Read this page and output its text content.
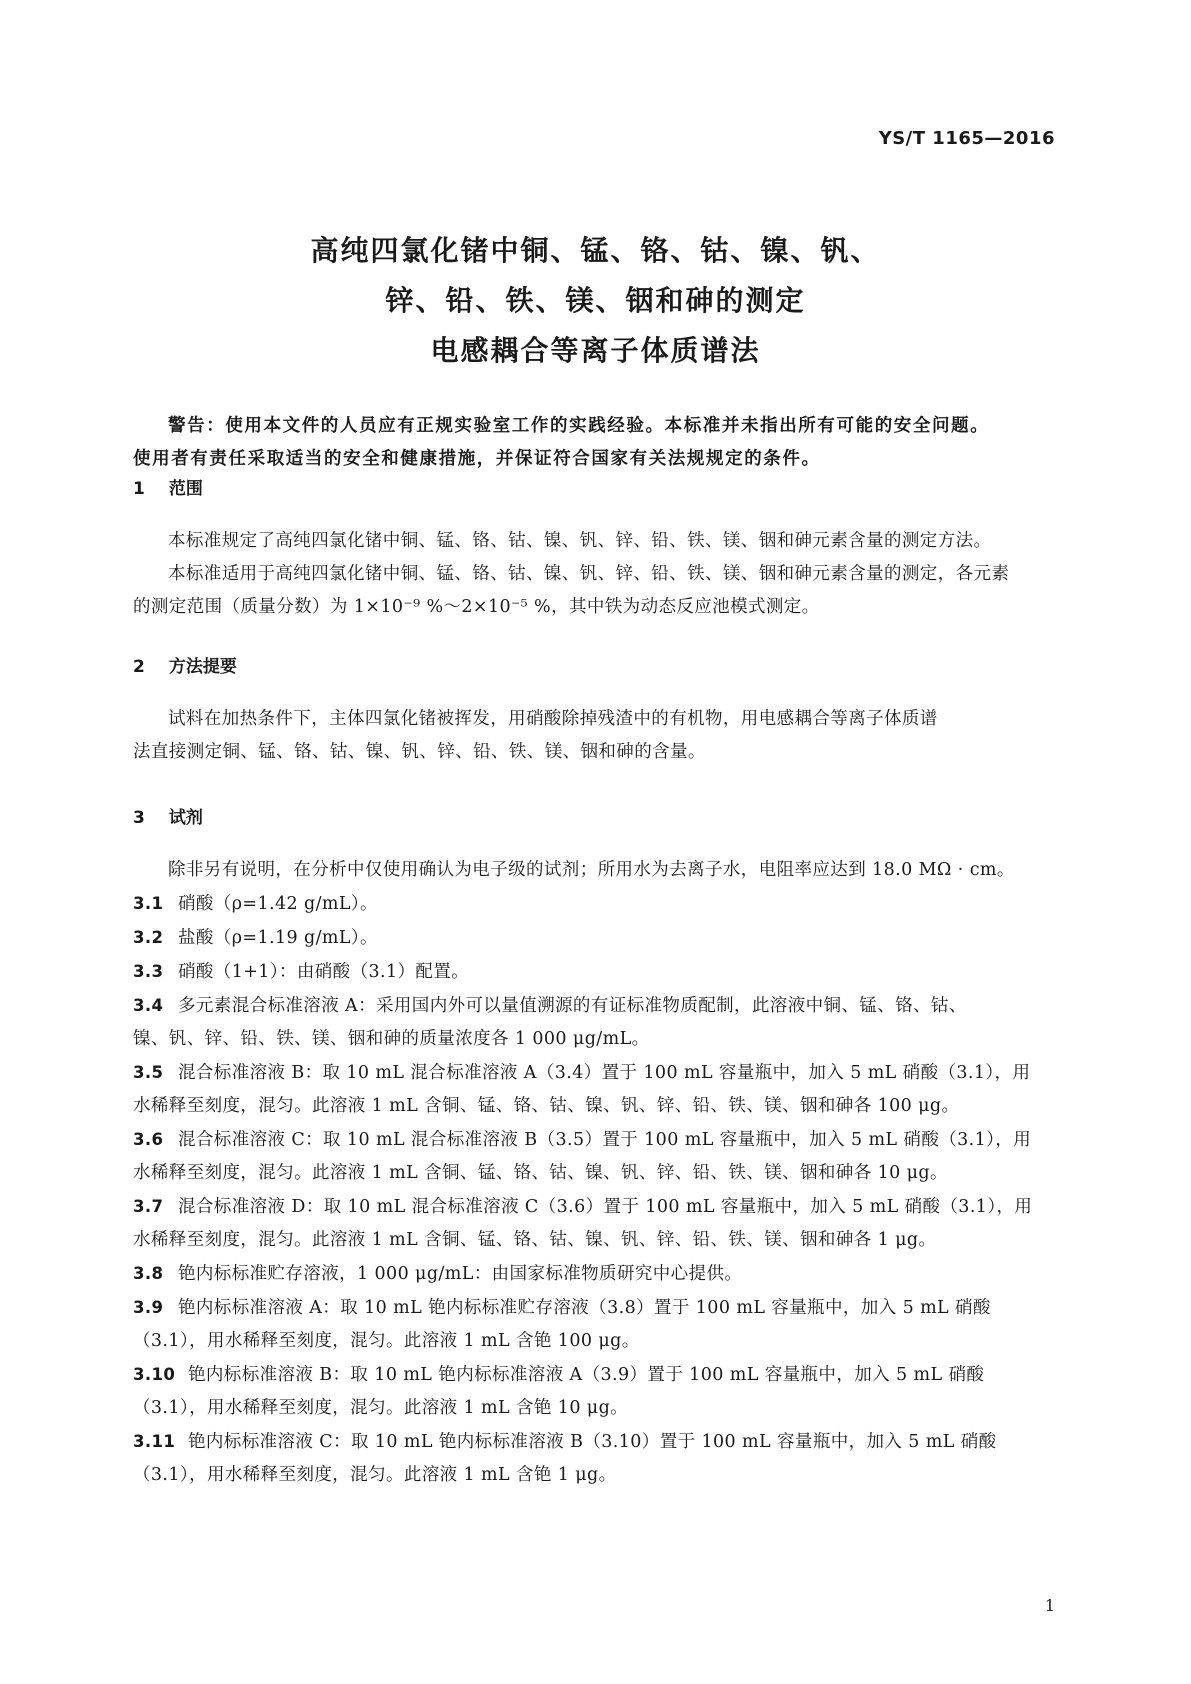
YS/T 1165—2016
高纯四氯化锗中铜、锰、铬、钴、镍、钒、
锌、铅、铁、镁、铟和砷的测定
电感耦合等离子体质谱法
警告：使用本文件的人员应有正规实验室工作的实践经验。本标准并未指出所有可能的安全问题。
使用者有责任采取适当的安全和健康措施，并保证符合国家有关法规规定的条件。
1 范围
本标准规定了高纯四氯化锗中铜、锰、铬、钴、镍、钒、锌、铅、铁、镁、铟和砷元素含量的测定方法。
本标准适用于高纯四氯化锗中铜、锰、铬、钴、镍、钒、锌、铅、铁、镁、铟和砷元素含量的测定，各元素
的测定范围（质量分数）为 1×10⁻⁹ %～2×10⁻⁵ %，其中铁为动态反应池模式测定。
2 方法提要
试料在加热条件下，主体四氯化锗被挥发，用硝酸除掉残渣中的有机物，用电感耦合等离子体质谱
法直接测定铜、锰、铬、钴、镍、钒、锌、铅、铁、镁、铟和砷的含量。
3 试剂
除非另有说明，在分析中仅使用确认为电子级的试剂；所用水为去离子水，电阻率应达到 18.0 MΩ · cm。
3.1 硝酸（ρ=1.42 g/mL）。
3.2 盐酸（ρ=1.19 g/mL）。
3.3 硝酸（1+1）：由硝酸（3.1）配置。
3.4 多元素混合标准溶液 A：采用国内外可以量值溯源的有证标准物质配制，此溶液中铜、锰、铬、钴、
镍、钒、锌、铅、铁、镁、铟和砷的质量浓度各 1 000 μg/mL。
3.5 混合标准溶液 B：取 10 mL 混合标准溶液 A（3.4）置于 100 mL 容量瓶中，加入 5 mL 硝酸（3.1），用
水稀释至刻度，混匀。此溶液 1 mL 含铜、锰、铬、钴、镍、钒、锌、铅、铁、镁、铟和砷各 100 μg。
3.6 混合标准溶液 C：取 10 mL 混合标准溶液 B（3.5）置于 100 mL 容量瓶中，加入 5 mL 硝酸（3.1），用
水稀释至刻度，混匀。此溶液 1 mL 含铜、锰、铬、钴、镍、钒、锌、铅、铁、镁、铟和砷各 10 μg。
3.7 混合标准溶液 D：取 10 mL 混合标准溶液 C（3.6）置于 100 mL 容量瓶中，加入 5 mL 硝酸（3.1），用
水稀释至刻度，混匀。此溶液 1 mL 含铜、锰、铬、钴、镍、钒、锌、铅、铁、镁、铟和砷各 1 μg。
3.8 铯内标标准贮存溶液，1 000 μg/mL：由国家标准物质研究中心提供。
3.9 铯内标标准溶液 A：取 10 mL 铯内标标准贮存溶液（3.8）置于 100 mL 容量瓶中，加入 5 mL 硝酸
（3.1），用水稀释至刻度，混匀。此溶液 1 mL 含铯 100 μg。
3.10 铯内标标准溶液 B：取 10 mL 铯内标标准溶液 A（3.9）置于 100 mL 容量瓶中，加入 5 mL 硝酸
（3.1），用水稀释至刻度，混匀。此溶液 1 mL 含铯 10 μg。
3.11 铯内标标准溶液 C：取 10 mL 铯内标标准溶液 B（3.10）置于 100 mL 容量瓶中，加入 5 mL 硝酸
（3.1），用水稀释至刻度，混匀。此溶液 1 mL 含铯 1 μg。
1
